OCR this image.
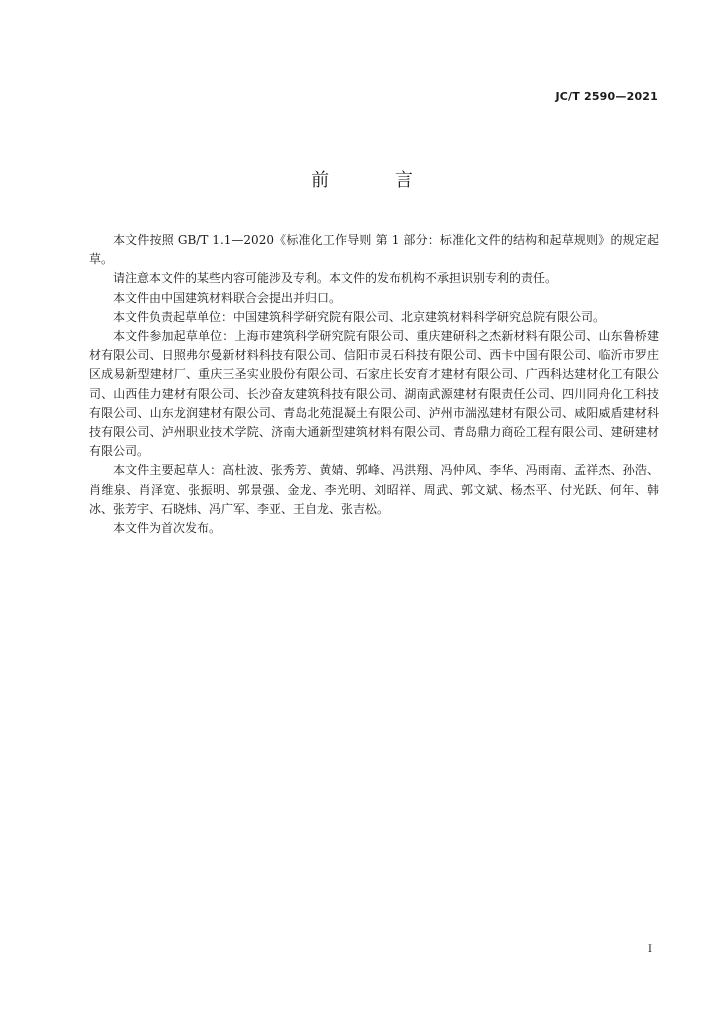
JC/T 2590—2021
前 言

本文件按照 GB/T 1.1—2020《标准化工作导则 第 1 部分：标准化文件的结构和起草规则》的规定起草。

请注意本文件的某些内容可能涉及专利。本文件的发布机构不承担识别专利的责任。

本文件由中国建筑材料联合会提出并归口。

本文件负责起草单位：中国建筑科学研究院有限公司、北京建筑材料科学研究总院有限公司。

本文件参加起草单位：上海市建筑科学研究院有限公司、重庆建研科之杰新材料有限公司、山东鲁桥建材有限公司、日照弗尔曼新材料科技有限公司、信阳市灵石科技有限公司、西卡中国有限公司、临沂市罗庄区成易新型建材厂、重庆三圣实业股份有限公司、石家庄长安育才建材有限公司、广西科达建材化工有限公司、山西佳力建材有限公司、长沙奋友建筑科技有限公司、湖南武源建材有限责任公司、四川同舟化工科技有限公司、山东龙润建材有限公司、青岛北苑混凝土有限公司、泸州市湍泓建材有限公司、咸阳威盾建材科技有限公司、泸州职业技术学院、济南大通新型建筑材料有限公司、青岛鼎力商砼工程有限公司、建研建材有限公司。

本文件主要起草人：高杜波、张秀芳、黄婧、郭峰、冯洪翔、冯仲风、李华、冯雨南、孟祥杰、孙浩、肖维泉、肖泽宽、张振明、郭景强、金龙、李光明、刘昭祥、周武、郭文斌、杨杰平、付光跃、何年、韩冰、张芳宇、石晓炜、冯广军、李亚、王自龙、张吉松。

本文件为首次发布。

I
